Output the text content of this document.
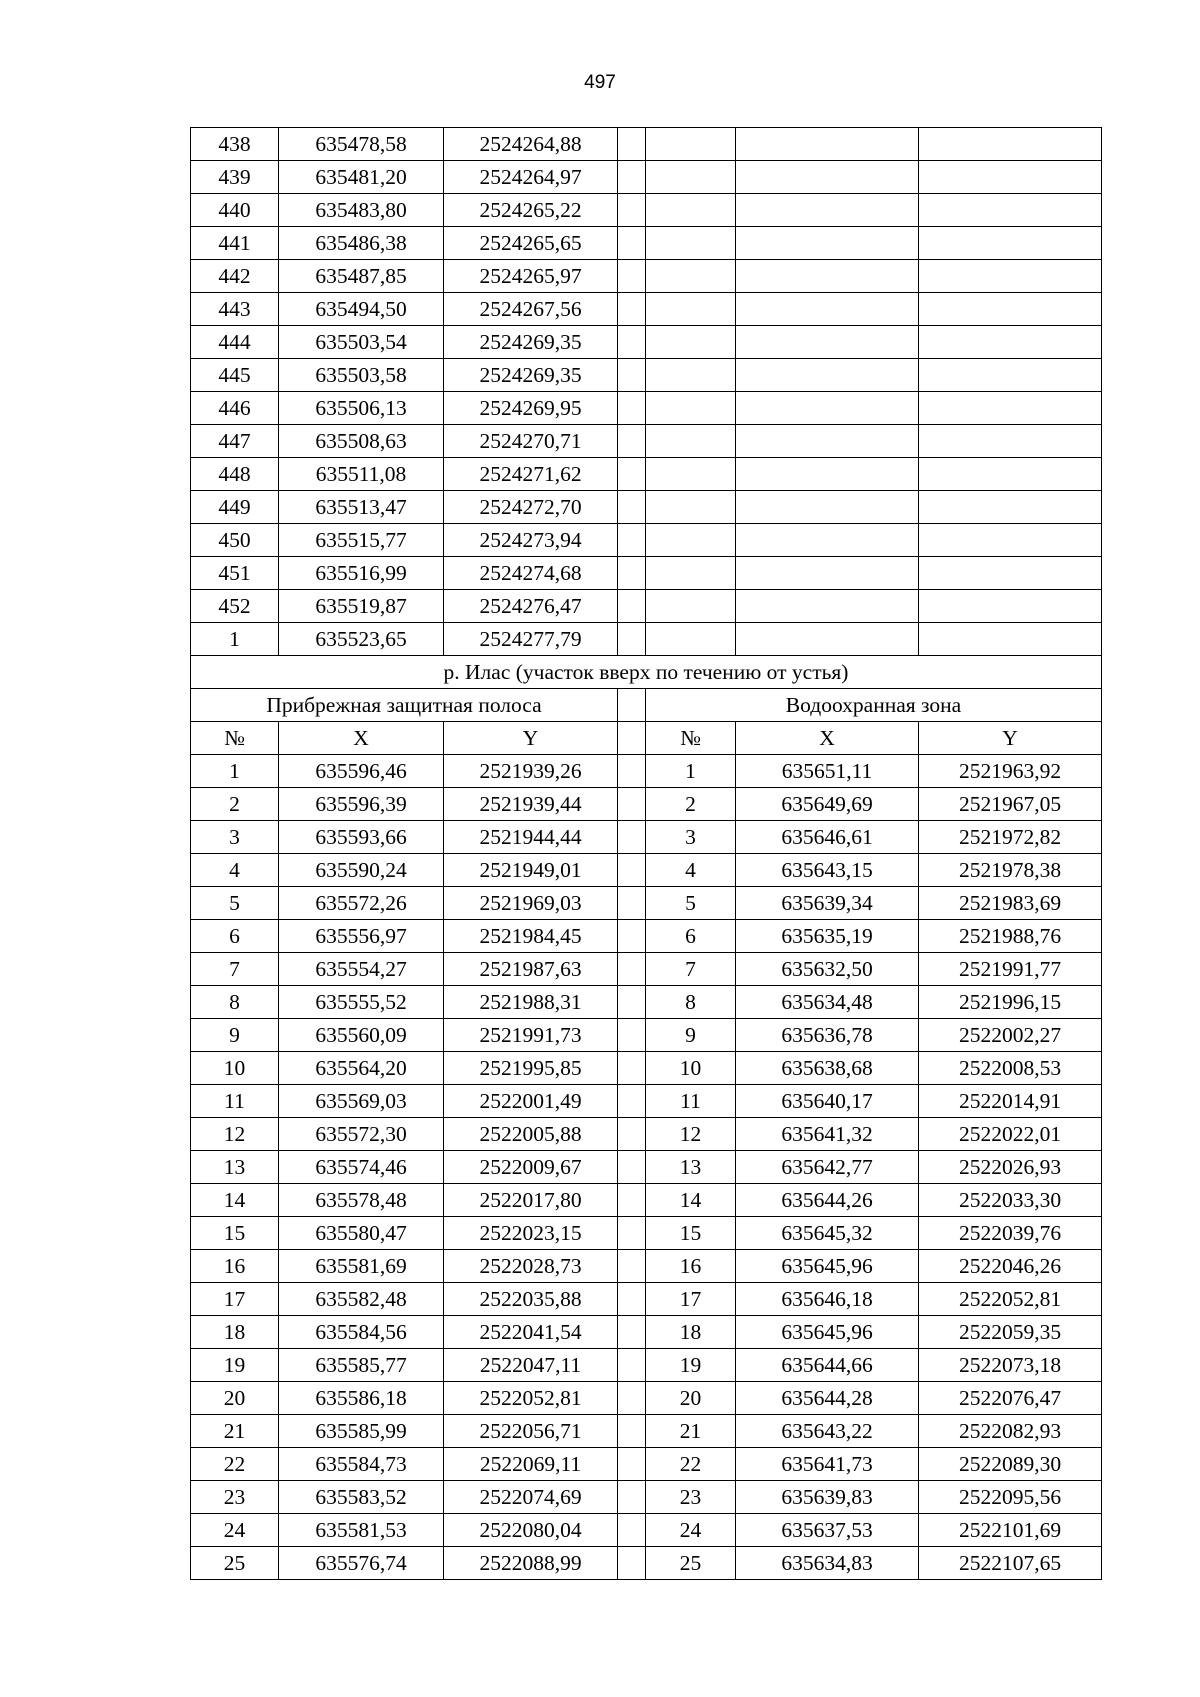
497
438	635478,58	2524264,88				
439	635481,20	2524264,97				
440	635483,80	2524265,22				
441	635486,38	2524265,65				
442	635487,85	2524265,97				
443	635494,50	2524267,56				
444	635503,54	2524269,35				
445	635503,58	2524269,35				
446	635506,13	2524269,95				
447	635508,63	2524270,71				
448	635511,08	2524271,62				
449	635513,47	2524272,70				
450	635515,77	2524273,94				
451	635516,99	2524274,68				
452	635519,87	2524276,47				
1	635523,65	2524277,79				
р. Илас (участок вверх по течению от устья)						
Прибрежная защитная полоса				Водоохранная зона		
№	X	Y		№	X	Y
1	635596,46	2521939,26		1	635651,11	2521963,92
2	635596,39	2521939,44		2	635649,69	2521967,05
3	635593,66	2521944,44		3	635646,61	2521972,82
4	635590,24	2521949,01		4	635643,15	2521978,38
5	635572,26	2521969,03		5	635639,34	2521983,69
6	635556,97	2521984,45		6	635635,19	2521988,76
7	635554,27	2521987,63		7	635632,50	2521991,77
8	635555,52	2521988,31		8	635634,48	2521996,15
9	635560,09	2521991,73		9	635636,78	2522002,27
10	635564,20	2521995,85		10	635638,68	2522008,53
11	635569,03	2522001,49		11	635640,17	2522014,91
12	635572,30	2522005,88		12	635641,32	2522022,01
13	635574,46	2522009,67		13	635642,77	2522026,93
14	635578,48	2522017,80		14	635644,26	2522033,30
15	635580,47	2522023,15		15	635645,32	2522039,76
16	635581,69	2522028,73		16	635645,96	2522046,26
17	635582,48	2522035,88		17	635646,18	2522052,81
18	635584,56	2522041,54		18	635645,96	2522059,35
19	635585,77	2522047,11		19	635644,66	2522073,18
20	635586,18	2522052,81		20	635644,28	2522076,47
21	635585,99	2522056,71		21	635643,22	2522082,93
22	635584,73	2522069,11		22	635641,73	2522089,30
23	635583,52	2522074,69		23	635639,83	2522095,56
24	635581,53	2522080,04		24	635637,53	2522101,69
25	635576,74	2522088,99		25	635634,83	2522107,65
